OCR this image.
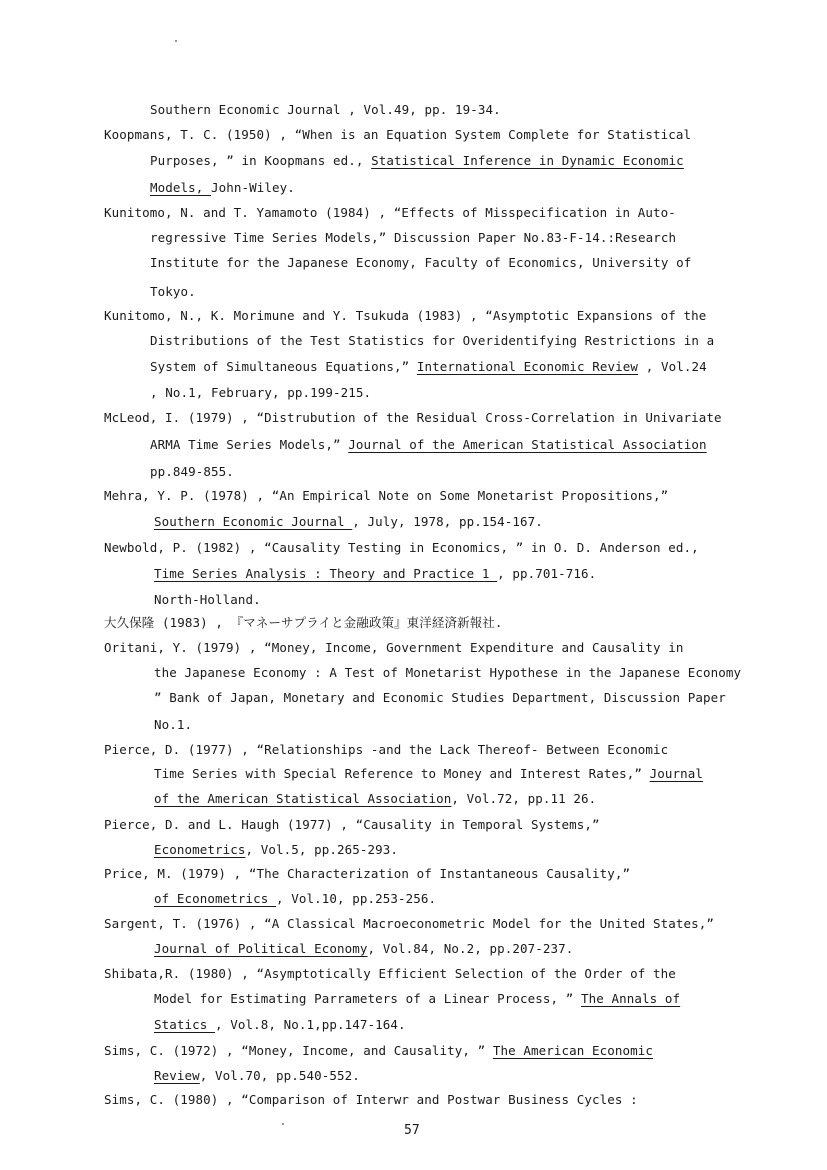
Southern Economic Journal , Vol.49, pp. 19-34.
Koopmans, T. C. (1950) , “When is an Equation System Complete for Statistical
Purposes, ” in Koopmans ed., Statistical Inference in Dynamic Economic
Models, John-Wiley.
Kunitomo, N. and T. Yamamoto (1984) , “Effects of Misspecification in Auto-
regressive Time Series Models,” Discussion Paper No.83-F-14.:Research
Institute for the Japanese Economy, Faculty of Economics, University of
Tokyo.
Kunitomo, N., K. Morimune and Y. Tsukuda (1983) , “Asymptotic Expansions of the
Distributions of the Test Statistics for Overidentifying Restrictions in a
System of Simultaneous Equations,” International Economic Review , Vol.24
, No.1, February, pp.199-215.
McLeod, I. (1979) , “Distrubution of the Residual Cross-Correlation in Univariate
ARMA Time Series Models,” Journal of the American Statistical Association
pp.849-855.
Mehra, Y. P. (1978) , “An Empirical Note on Some Monetarist Propositions,”
Southern Economic Journal , July, 1978, pp.154-167.
Newbold, P. (1982) , “Causality Testing in Economics, ” in O. D. Anderson ed.,
Time Series Analysis : Theory and Practice 1 , pp.701-716.
North-Holland.
大久保隆 (1983) , 『マネーサプライと金融政策』東洋経済新報社.
Oritani, Y. (1979) , “Money, Income, Government Expenditure and Causality in
the Japanese Economy : A Test of Monetarist Hypothese in the Japanese Economy
” Bank of Japan, Monetary and Economic Studies Department, Discussion Paper
No.1.
Pierce, D. (1977) , “Relationships -and the Lack Thereof- Between Economic
Time Series with Special Reference to Money and Interest Rates,” Journal
of the American Statistical Association, Vol.72, pp.11 26.
Pierce, D. and L. Haugh (1977) , “Causality in Temporal Systems,”
Econometrics, Vol.5, pp.265-293.
Price, M. (1979) , “The Characterization of Instantaneous Causality,”
of Econometrics , Vol.10, pp.253-256.
Sargent, T. (1976) , “A Classical Macroeconometric Model for the United States,”
Journal of Political Economy, Vol.84, No.2, pp.207-237.
Shibata,R. (1980) , “Asymptotically Efficient Selection of the Order of the
Model for Estimating Parrameters of a Linear Process, ” The Annals of
Statics , Vol.8, No.1,pp.147-164.
Sims, C. (1972) , “Money, Income, and Causality, ” The American Economic
Review, Vol.70, pp.540-552.
Sims, C. (1980) , “Comparison of Interwr and Postwar Business Cycles :
57
